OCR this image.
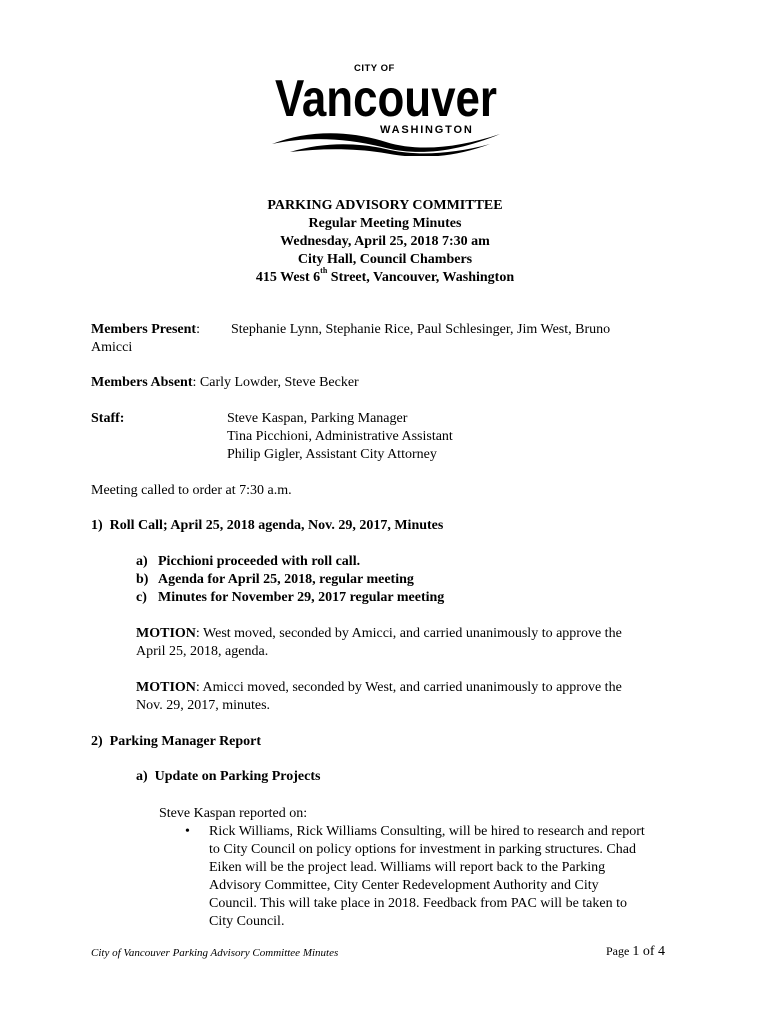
CITY OF
Vancouver
WASHINGTON
PARKING ADVISORY COMMITTEE
Regular Meeting Minutes
Wednesday, April 25, 2018 7:30 am
City Hall, Council Chambers
415 West 6th Street, Vancouver, Washington
Members Present: Stephanie Lynn, Stephanie Rice, Paul Schlesinger, Jim West, Bruno
Amicci
Members Absent: Carly Lowder, Steve Becker
Staff:	Steve Kaspan, Parking Manager
Tina Picchioni, Administrative Assistant
Philip Gigler, Assistant City Attorney
Meeting called to order at 7:30 a.m.
1)  Roll Call; April 25, 2018 agenda, Nov. 29, 2017, Minutes
a) Picchioni proceeded with roll call.
b) Agenda for April 25, 2018, regular meeting
c) Minutes for November 29, 2017 regular meeting
MOTION: West moved, seconded by Amicci, and carried unanimously to approve the
April 25, 2018, agenda.
MOTION: Amicci moved, seconded by West, and carried unanimously to approve the
Nov. 29, 2017, minutes.
2)  Parking Manager Report
a)  Update on Parking Projects
Steve Kaspan reported on:
•	Rick Williams, Rick Williams Consulting, will be hired to research and report
to City Council on policy options for investment in parking structures. Chad
Eiken will be the project lead. Williams will report back to the Parking
Advisory Committee, City Center Redevelopment Authority and City
Council. This will take place in 2018. Feedback from PAC will be taken to
City Council.
City of Vancouver Parking Advisory Committee Minutes	Page 1 of 4
